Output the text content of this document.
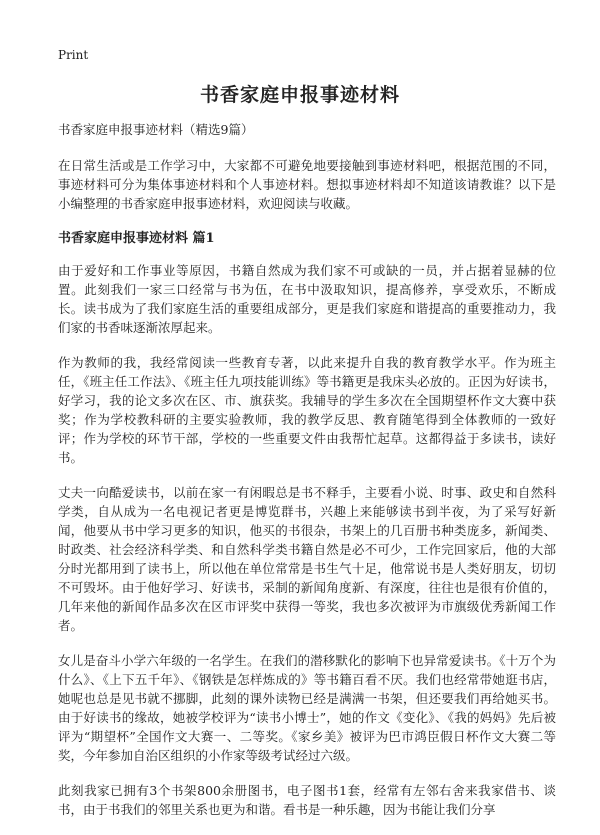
Print
书香家庭申报事迹材料

书香家庭申报事迹材料（精选9篇）

在日常生活或是工作学习中，大家都不可避免地要接触到事迹材料吧，根据范围的不同，事迹材料可分为集体事迹材料和个人事迹材料。想拟事迹材料却不知道该请教谁？以下是小编整理的书香家庭申报事迹材料，欢迎阅读与收藏。

书香家庭申报事迹材料 篇1

由于爱好和工作事业等原因，书籍自然成为我们家不可或缺的一员，并占据着显赫的位置。此刻我们一家三口经常与书为伍，在书中汲取知识，提高修养，享受欢乐，不断成长。读书成为了我们家庭生活的重要组成部分，更是我们家庭和谐提高的重要推动力，我们家的书香味逐渐浓厚起来。

作为教师的我，我经常阅读一些教育专著，以此来提升自我的教育教学水平。作为班主任，《班主任工作法》、《班主任九项技能训练》等书籍更是我床头必放的。正因为好读书，好学习，我的论文多次在区、市、旗获奖。我辅导的学生多次在全国期望杯作文大赛中获奖；作为学校教科研的主要实验教师，我的教学反思、教育随笔得到全体教师的一致好评；作为学校的环节干部，学校的一些重要文件由我帮忙起草。这都得益于多读书，读好书。

丈夫一向酷爱读书，以前在家一有闲暇总是书不释手，主要看小说、时事、政史和自然科学类，自从成为一名电视记者更是博览群书，兴趣上来能够读书到半夜，为了采写好新闻，他要从书中学习更多的知识，他买的书很杂，书架上的几百册书种类庞多，新闻类、时政类、社会经济科学类、和自然科学类书籍自然是必不可少，工作完回家后，他的大部分时光都用到了读书上，所以他在单位常常是书生气十足，他常说书是人类好朋友，切切不可毁坏。由于他好学习、好读书，采制的新闻角度新、有深度，往往也是很有价值的，几年来他的新闻作品多次在区市评奖中获得一等奖，我也多次被评为市旗级优秀新闻工作者。

女儿是奋斗小学六年级的一名学生。在我们的潜移默化的影响下也异常爱读书。《十万个为什么》、《上下五千年》、《钢铁是怎样炼成的》等书籍百看不厌。我们也经常带她逛书店，她呢也总是见书就不挪脚，此刻的课外读物已经是满满一书架，但还要我们再给她买书。由于好读书的缘故，她被学校评为“读书小博士”，她的作文《变化》、《我的妈妈》先后被评为“期望杯”全国作文大赛一、二等奖。《家乡美》被评为巴市鸿臣假日杯作文大赛二等奖，今年参加自治区组织的小作家等级考试经过六级。

此刻我家已拥有3个书架800余册图书，电子图书1套，经常有左邻右舍来我家借书、谈书，由于书我们的邻里关系也更为和谐。看书是一种乐趣，因为书能让我们分享
